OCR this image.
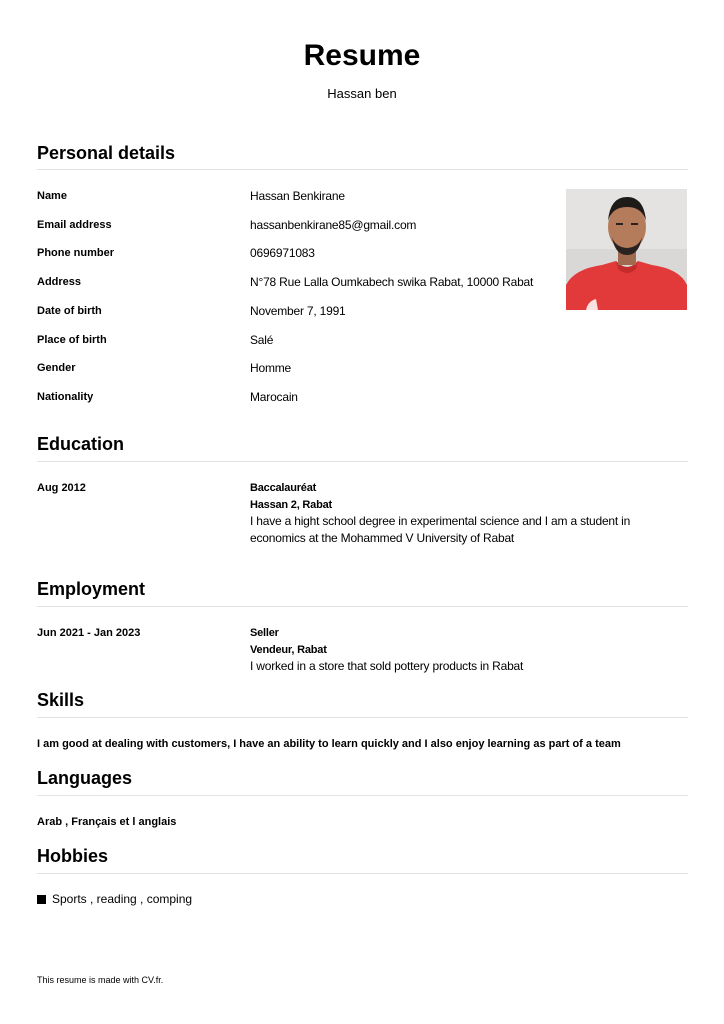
Resume
Hassan ben
Personal details
Name	Hassan Benkirane
Email address	hassanbenkirane85@gmail.com
Phone number	0696971083
Address	N°78 Rue Lalla Oumkabech swika Rabat, 10000 Rabat
Date of birth	November 7, 1991
Place of birth	Salé
Gender	Homme
Nationality	Marocain
Education
Aug 2012	Baccalauréat
Hassan 2, Rabat
I have a hight school degree in experimental science and I am a student in economics at the Mohammed V University of Rabat
Employment
Jun 2021 - Jan 2023	Seller
Vendeur, Rabat
I worked in a store that sold pottery products in Rabat
Skills
I am good at dealing with customers, I have an ability to learn quickly and I also enjoy learning as part of a team
Languages
Arab , Français et l anglais
Hobbies
Sports , reading , comping
This resume is made with CV.fr.
